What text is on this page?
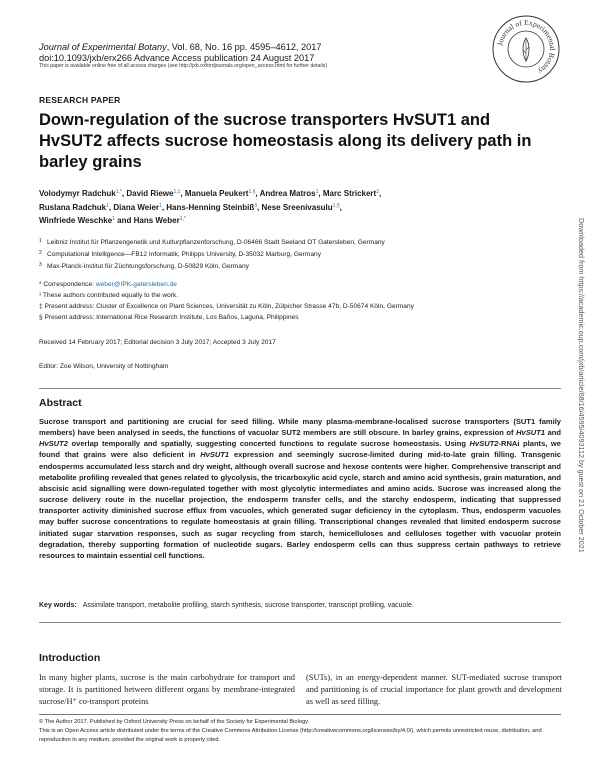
Journal of Experimental Botany, Vol. 68, No. 16 pp. 4595–4612, 2017
doi:10.1093/jxb/erx266 Advance Access publication 24 August 2017
This paper is available online free of all access charges (see http://jxb.oxfordjournals.org/open_access.html for further details)
Journal of Experimental Botany
RESEARCH PAPER
Down-regulation of the sucrose transporters HvSUT1 and HvSUT2 affects sucrose homeostasis along its delivery path in barley grains
Volodymyr Radchuk$^{1,*}$, David Riewe$^{1,\ddagger}$, Manuela Peukert$^{1,\S}$, Andrea Matros$^1$, Marc Strickert$^2$,
Ruslana Radchuk$^1$, Diana Weier$^1$, Hans-Henning Steinbiß$^3$, Nese Sreenivasulu$^{1,\S}$,
Winfriede Weschke$^1$ and Hans Weber$^{1,*}$
1 Leibniz Institut für Pflanzengenetik und Kulturpflanzenforschung, D-06466 Stadt Seeland OT Gatersleben, Germany
2 Computational Intelligence—FB12 Informatik, Philipps University, D-35032 Marburg, Germany
3 Max-Planck-Institut für Züchtungsforschung, D-50829 Köln, Germany
* Correspondence: weber@IPK-gatersleben.de
¹ These authors contributed equally to the work.
‡ Present address: Cluster of Excellence on Plant Sciences, Universität zu Köln, Zülpicher Strasse 47b, D-50674 Köln, Germany
§ Present address: International Rice Research Institute, Los Baños, Laguna, Philippines
Received 14 February 2017; Editorial decision 3 July 2017; Accepted 3 July 2017
Editor: Zoe Wilson, University of Nottingham
Abstract
Sucrose transport and partitioning are crucial for seed filling. While many plasma-membrane-localised sucrose transporters (SUT1 family members) have been analysed in seeds, the functions of vacuolar SUT2 members are still obscure. In barley grains, expression of HvSUT1 and HvSUT2 overlap temporally and spatially, suggesting concerted functions to regulate sucrose homeostasis. Using HvSUT2-RNAi plants, we found that grains were also deficient in HvSUT1 expression and seemingly sucrose-limited during mid-to-late grain filling. Transgenic endosperms accumulated less starch and dry weight, although overall sucrose and hexose contents were higher. Comprehensive transcript and metabolite profiling revealed that genes related to glycolysis, the tricarboxylic acid cycle, starch and amino acid synthesis, grain maturation, and abscisic acid signalling were down-regulated together with most glycolytic intermediates and amino acids. Sucrose was increased along the sucrose delivery route in the nucellar projection, the endosperm transfer cells, and the starchy endosperm, indicating that suppressed transporter activity diminished sucrose efflux from vacuoles, which generated sugar deficiency in the cytoplasm. Thus, endosperm vacuoles may buffer sucrose concentrations to regulate homeostasis at grain filling. Transcriptional changes revealed that limited endosperm sucrose initiated sugar starvation responses, such as sugar recycling from starch, hemicelluloses and celluloses together with vacuolar protein degradation, thereby supporting formation of nucleotide sugars. Barley endosperm cells can thus suppress certain pathways to retrieve resources to maintain essential cell functions.
Key words: Assimilate transport, metabolite profiling, starch synthesis, sucrose transporter, transcript profiling, vacuole.
Introduction
In many higher plants, sucrose is the main carbohydrate for transport and storage. It is partitioned between different organs by membrane-integrated sucrose/H⁺ co-transport proteins
(SUTs), in an energy-dependent manner. SUT-mediated sucrose transport and partitioning is of crucial importance for plant growth and development as well as seed filling.
© The Author 2017. Published by Oxford University Press on behalf of the Society for Experimental Biology.
This is an Open Access article distributed under the terms of the Creative Commons Attribution License (http://creativecommons.org/licenses/by/4.0/), which permits unrestricted reuse, distribution, and reproduction in any medium, provided the original work is properly cited.
Downloaded from https://academic.oup.com/jxb/article/68/16/4595/4093112 by guest on 21 October 2021
